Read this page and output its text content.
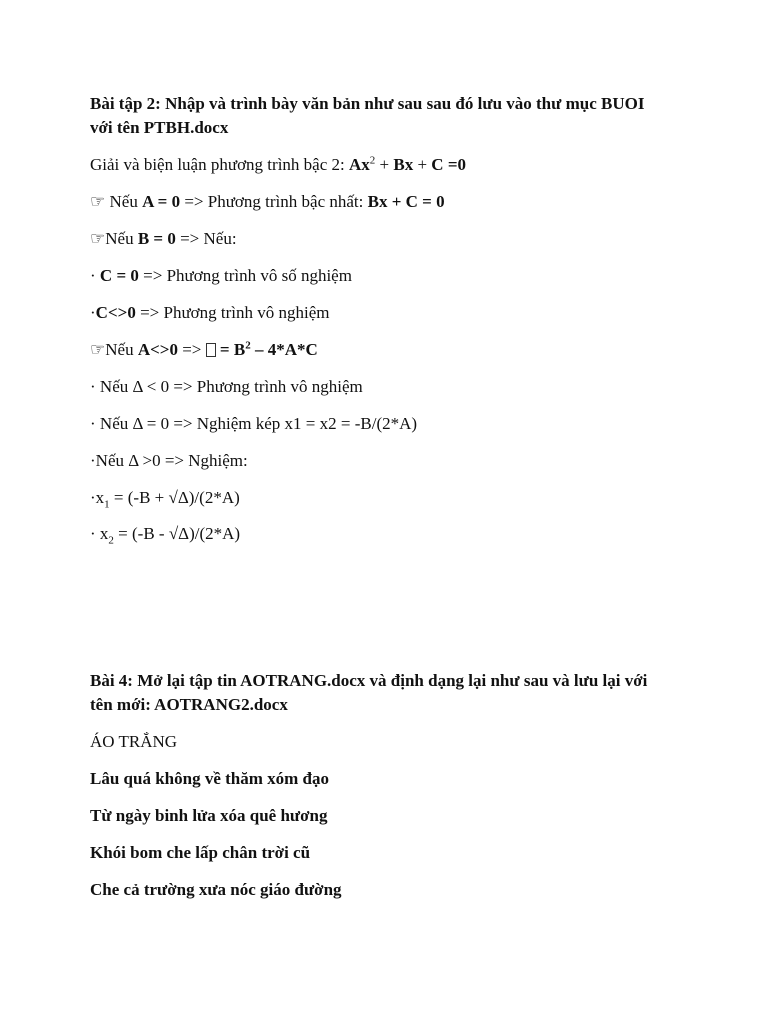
Bài tập 2: Nhập và trình bày văn bản như sau sau đó lưu vào thư mục BUOI
với tên PTBH.docx
Giải và biện luận phương trình bậc 2: $Ax^2 + Bx + C =0$
☞ Nếu A = 0 => Phương trình bậc nhất: Bx + C = 0
☞Nếu B = 0 => Nếu:
· C = 0 => Phương trình vô số nghiệm
·C<>0 => Phương trình vô nghiệm
☞Nếu A<>0 =>  = $B^2 - 4*A*C$
· Nếu Δ < 0 => Phương trình vô nghiệm
· Nếu Δ = 0 => Nghiệm kép x1 = x2 = -B/(2*A)
·Nếu Δ >0 => Nghiệm:
$\cdot x_1 = (-B + √\Delta)/(2*A)$
· $x_2 = (-B - √\Delta)/(2*A)$
Bài 4: Mở lại tập tin AOTRANG.docx và định dạng lại như sau và lưu lại với
tên mới: AOTRANG2.docx
ÁO TRẮNG
Lâu quá không về thăm xóm đạo
Từ ngày binh lửa xóa quê hương
Khói bom che lấp chân trời cũ
Che cả trường xưa nóc giáo đường
